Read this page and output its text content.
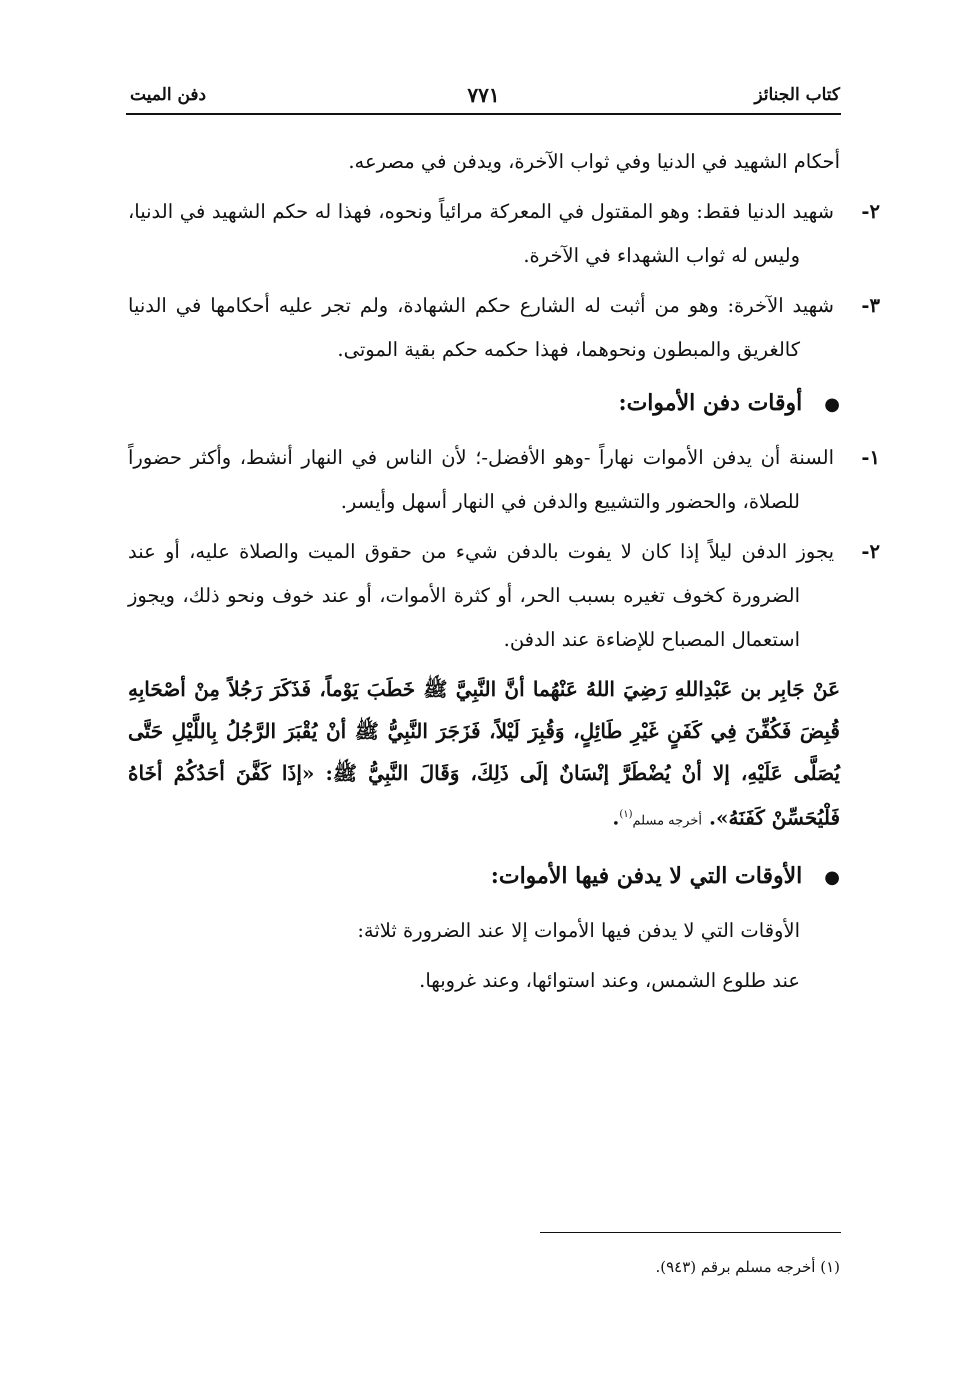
كتاب الجنائز
٧٧١
دفن الميت

أحكام الشهيد في الدنيا وفي ثواب الآخرة، ويدفن في مصرعه.

٢-شهيد الدنيا فقط: وهو المقتول في المعركة مرائياً ونحوه، فهذا له حكم الشهيد في الدنيا، وليس له ثواب الشهداء في الآخرة.

٣-شهيد الآخرة: وهو من أثبت له الشارع حكم الشهادة، ولم تجر عليه أحكامها في الدنيا كالغريق والمبطون ونحوهما، فهذا حكمه حكم بقية الموتى.

●أوقات دفن الأموات:

١-السنة أن يدفن الأموات نهاراً -وهو الأفضل-؛ لأن الناس في النهار أنشط، وأكثر حضوراً للصلاة، والحضور والتشييع والدفن في النهار أسهل وأيسر.

٢-يجوز الدفن ليلاً إذا كان لا يفوت بالدفن شيء من حقوق الميت والصلاة عليه، أو عند الضرورة كخوف تغيره بسبب الحر، أو كثرة الأموات، أو عند خوف ونحو ذلك، ويجوز استعمال المصباح للإضاءة عند الدفن.

عَنْ جَابِر بن عَبْدِاللهِ رَضِيَ اللهُ عَنْهُما أنَّ النَّبِيَّ ﷺ خَطَبَ يَوْماً، فَذَكَرَ رَجُلاً مِنْ أصْحَابِهِ قُبِضَ فَكُفِّنَ فِي كَفَنٍ غَيْرِ طَائِلٍ، وَقُبِرَ لَيْلاً، فَزَجَرَ النَّبِيُّ ﷺ أنْ يُقْبَرَ الرَّجُلُ بِاللَّيْلِ حَتَّى يُصَلَّى عَلَيْهِ، إلا أنْ يُضْطَرَّ إنْسَانٌ إلَى ذَلِكَ، وَقَالَ النَّبِيُّ ﷺ: «إذَا كَفَّنَ أحَدُكُمْ أخَاهُ فَلْيُحَسِّنْ كَفَنَهُ». أخرجه مسلم$^{(١)}$.

●الأوقات التي لا يدفن فيها الأموات:

الأوقات التي لا يدفن فيها الأموات إلا عند الضرورة ثلاثة:

عند طلوع الشمس، وعند استوائها، وعند غروبها.

(١) أخرجه مسلم برقم (٩٤٣).
